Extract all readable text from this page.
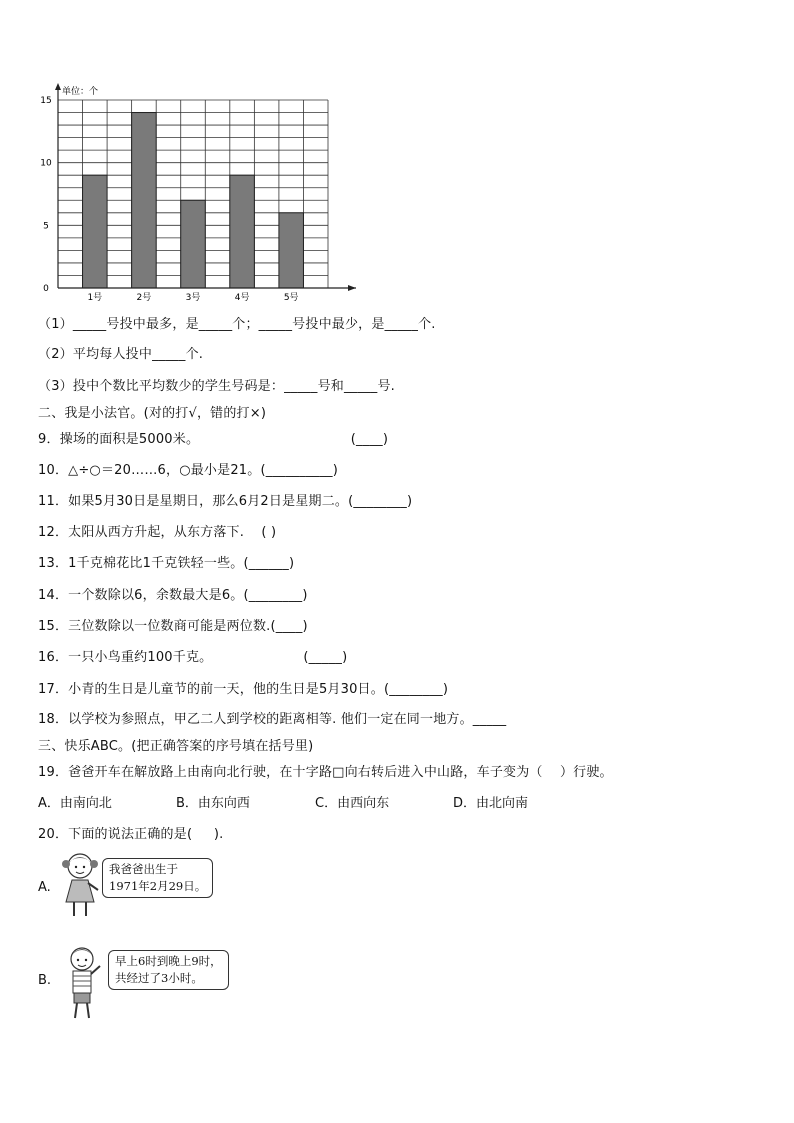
1号	2号	3号	4号	5号
0
5
10
15
单位：个
（1）_____号投中最多，是_____个；_____号投中最少，是_____个.
（2）平均每人投中_____个.
（3）投中个数比平均数少的学生号码是：_____号和_____号.
二、我是小法官。(对的打√，错的打×)
9．操场的面积是5000米。                                   (____)
10．△÷○＝20……6，○最小是21。(__________)
11．如果5月30日是星期日，那么6月2日是星期二。(________)
12．太阳从西方升起，从东方落下.    ( )
13．1千克棉花比1千克铁轻一些。(______)
14．一个数除以6，余数最大是6。(________)
15．三位数除以一位数商可能是两位数.(____)
16．一只小鸟重约100千克。                     (_____)
17．小青的生日是儿童节的前一天，他的生日是5月30日。(________)
18．以学校为参照点，甲乙二人到学校的距离相等. 他们一定在同一地方。_____
三、快乐ABC。(把正确答案的序号填在括号里)
19．爸爸开车在解放路上由南向北行驶，在十字路□向右转后进入中山路，车子变为（    ）行驶。
A．由南向北	B．由东向西	C．由西向东	D．由北向南
20．下面的说法正确的是(     ).
A.
我爸爸出生于
1971年2月29日。
B.
早上6时到晚上9时，
共经过了3小时。
